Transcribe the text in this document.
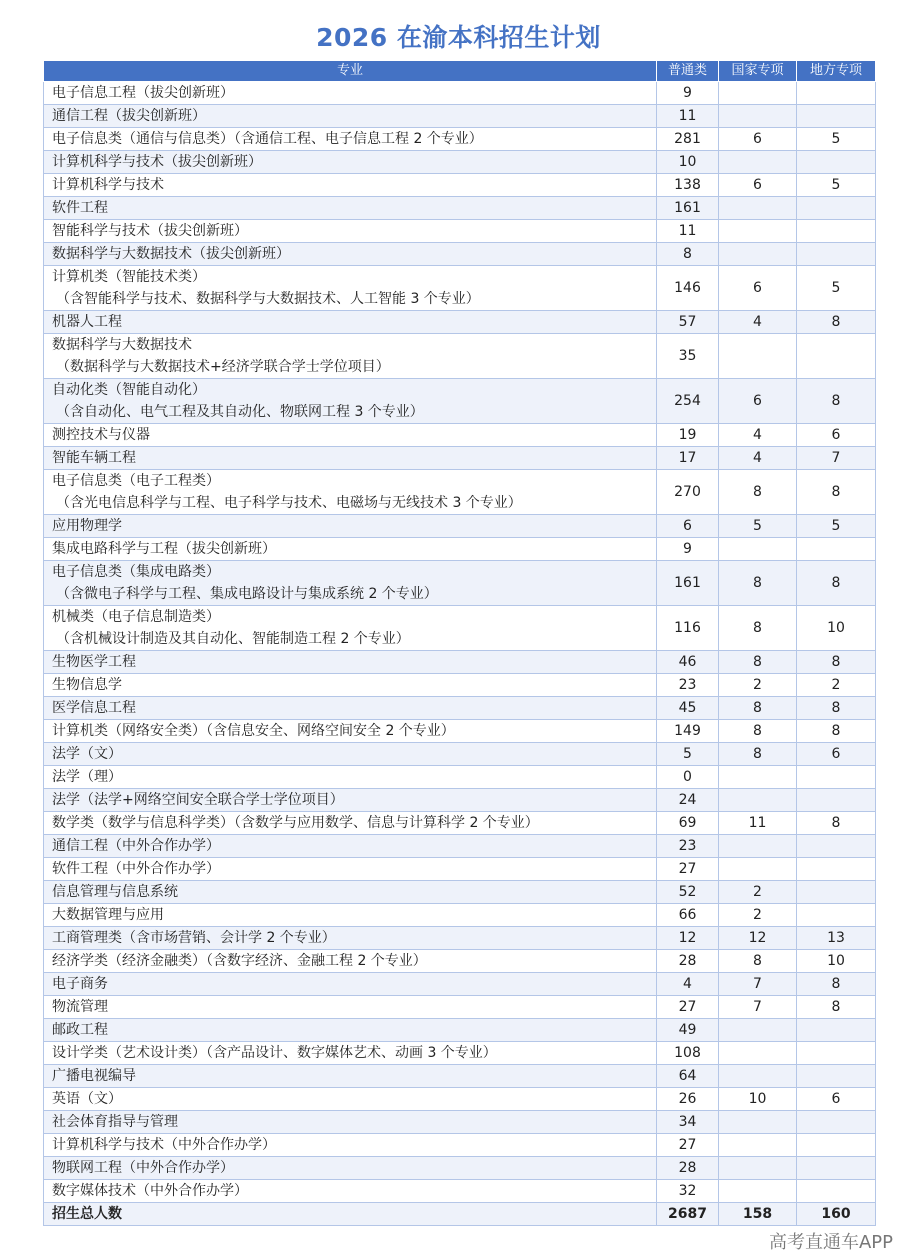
2026 在渝本科招生计划
专业	普通类	国家专项	地方专项
电子信息工程（拔尖创新班）	9		
通信工程（拔尖创新班）	11		
电子信息类（通信与信息类）（含通信工程、电子信息工程 2 个专业）	281	6	5
计算机科学与技术（拔尖创新班）	10		
计算机科学与技术	138	6	5
软件工程	161		
智能科学与技术（拔尖创新班）	11		
数据科学与大数据技术（拔尖创新班）	8		
计算机类（智能技术类）
（含智能科学与技术、数据科学与大数据技术、人工智能 3 个专业）	146	6	5
机器人工程	57	4	8
数据科学与大数据技术
（数据科学与大数据技术+经济学联合学士学位项目）	35		
自动化类（智能自动化）
（含自动化、电气工程及其自动化、物联网工程 3 个专业）	254	6	8
测控技术与仪器	19	4	6
智能车辆工程	17	4	7
电子信息类（电子工程类）
（含光电信息科学与工程、电子科学与技术、电磁场与无线技术 3 个专业）	270	8	8
应用物理学	6	5	5
集成电路科学与工程（拔尖创新班）	9		
电子信息类（集成电路类）
（含微电子科学与工程、集成电路设计与集成系统 2 个专业）	161	8	8
机械类（电子信息制造类）
（含机械设计制造及其自动化、智能制造工程 2 个专业）	116	8	10
生物医学工程	46	8	8
生物信息学	23	2	2
医学信息工程	45	8	8
计算机类（网络安全类）（含信息安全、网络空间安全 2 个专业）	149	8	8
法学（文）	5	8	6
法学（理）	0		
法学（法学+网络空间安全联合学士学位项目）	24		
数学类（数学与信息科学类）（含数学与应用数学、信息与计算科学 2 个专业）	69	11	8
通信工程（中外合作办学）	23		
软件工程（中外合作办学）	27		
信息管理与信息系统	52	2	
大数据管理与应用	66	2	
工商管理类（含市场营销、会计学 2 个专业）	12	12	13
经济学类（经济金融类）（含数字经济、金融工程 2 个专业）	28	8	10
电子商务	4	7	8
物流管理	27	7	8
邮政工程	49		
设计学类（艺术设计类）（含产品设计、数字媒体艺术、动画 3 个专业）	108		
广播电视编导	64		
英语（文）	26	10	6
社会体育指导与管理	34		
计算机科学与技术（中外合作办学）	27		
物联网工程（中外合作办学）	28		
数字媒体技术（中外合作办学）	32		
招生总人数	2687	158	160
高考直通车APP
